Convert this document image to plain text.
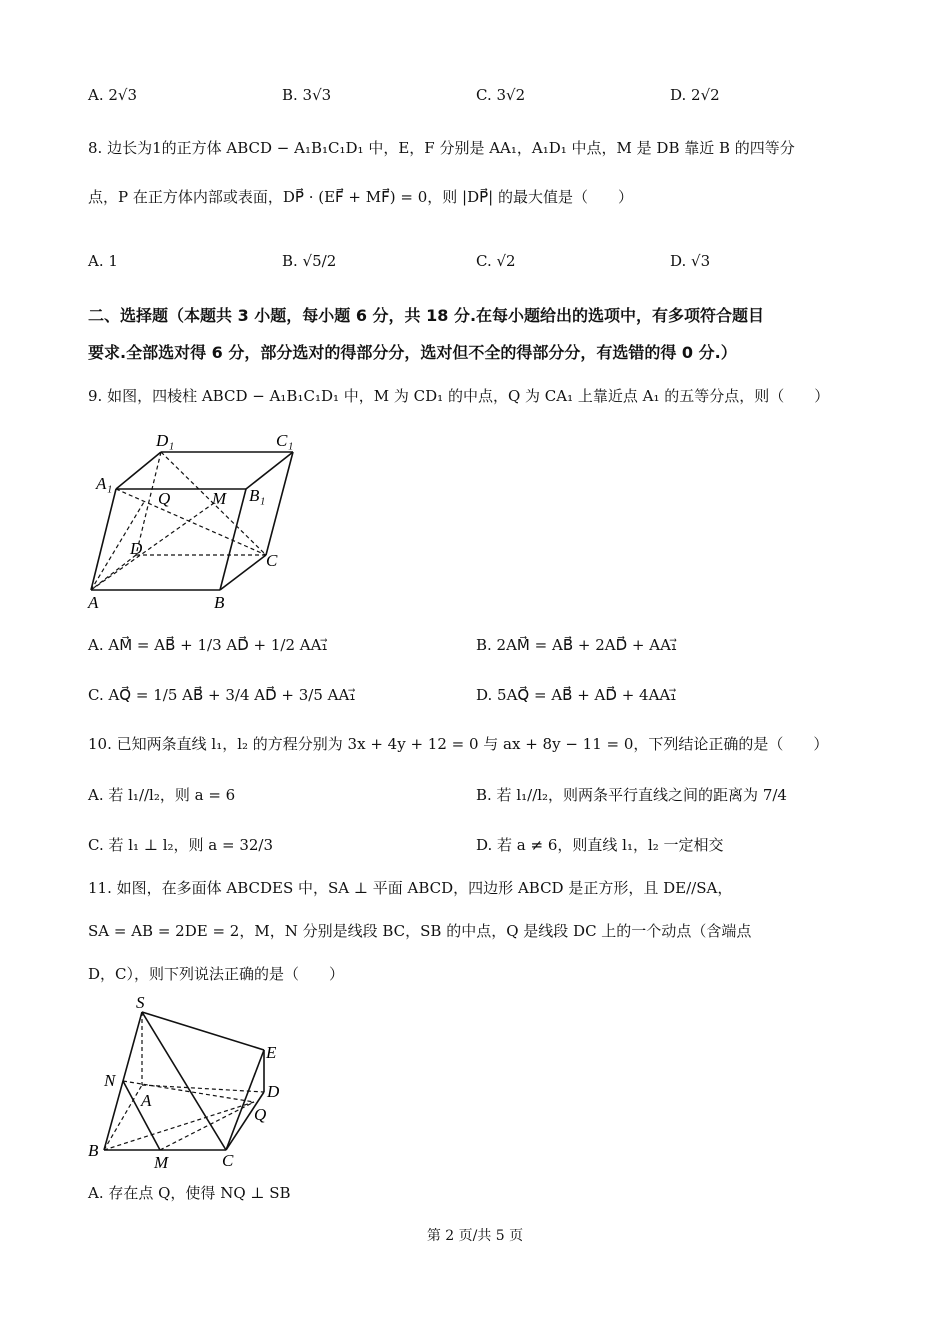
A. 2√3	B. 3√3	C. 3√2	D. 2√2
8. 边长为1的正方体 ABCD − A₁B₁C₁D₁ 中，E，F 分别是 AA₁，A₁D₁ 中点，M 是 DB 靠近 B 的四等分
点，P 在正方体内部或表面，DP⃗ · (EF⃗ + MF⃗) = 0，则 |DP⃗| 的最大值是（　　）
A. 1	B. √5/2	C. √2	D. √3
二、选择题（本题共 3 小题，每小题 6 分，共 18 分.在每小题给出的选项中，有多项符合题目
要求.全部选对得 6 分，部分选对的得部分分，选对但不全的得部分分，有选错的得 0 分.）
9. 如图，四棱柱 ABCD − A₁B₁C₁D₁ 中，M 为 CD₁ 的中点，Q 为 CA₁ 上靠近点 A₁ 的五等分点，则（　　）
D₁	C₁
A₁
B₁
Q M
D
C
A	B
A. AM⃗ = AB⃗ + 1/3 AD⃗ + 1/2 AA₁⃗	B. 2AM⃗ = AB⃗ + 2AD⃗ + AA₁⃗
C. AQ⃗ = 1/5 AB⃗ + 3/4 AD⃗ + 3/5 AA₁⃗	D. 5AQ⃗ = AB⃗ + AD⃗ + 4AA₁⃗
10. 已知两条直线 l₁，l₂ 的方程分别为 3x + 4y + 12 = 0 与 ax + 8y − 11 = 0，下列结论正确的是（　　）
A. 若 l₁//l₂，则 a = 6	B. 若 l₁//l₂，则两条平行直线之间的距离为 7/4
C. 若 l₁ ⊥ l₂，则 a = 32/3	D. 若 a ≠ 6，则直线 l₁，l₂ 一定相交
11. 如图，在多面体 ABCDES 中，SA ⊥ 平面 ABCD，四边形 ABCD 是正方形，且 DE//SA，
SA = AB = 2DE = 2，M，N 分别是线段 BC，SB 的中点，Q 是线段 DC 上的一个动点（含端点
D，C），则下列说法正确的是（　　）
S
E
N
A	D
Q
B
M	C
A. 存在点 Q，使得 NQ ⊥ SB
第 2 页/共 5 页
